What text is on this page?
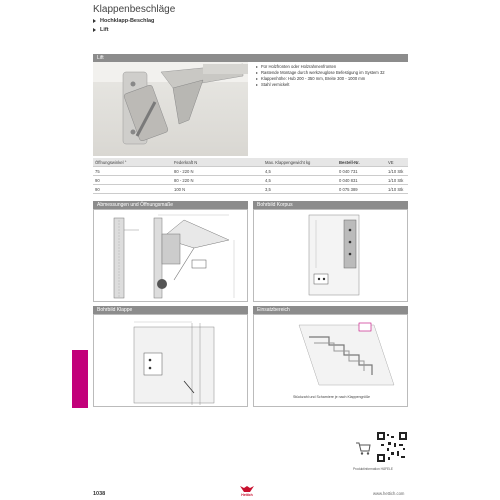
Klappenbeschläge
Hochklapp-Beschlag
Lift
Lift
Für Holzfronten oder Holzrahmenfronten
Rastende Montage durch werkzeuglose Befestigung im System 32
Klappenhöhe: Hub 200 - 350 mm, Breite 300 - 1000 mm
Stahl vernickelt
Öffnungswinkel °	Federkraft N	Max. Klappengewicht kg	Bestell-Nr.	VE
75	80 - 220 N	4,5	0 040 731	1/10 Stk
90	80 - 220 N	4,5	0 040 831	1/10 Stk
90	100 N	3,5	0 075 389	1/10 Stk
Abmessungen und Öffnungsmaße	Bohrbild Korpus
Bohrbild Klappe	Einsatzbereich
Stückzahl und Scharniere je nach Klappengröße
Produktinformation HÄFELE
1038	Hettich	www.hettich.com
